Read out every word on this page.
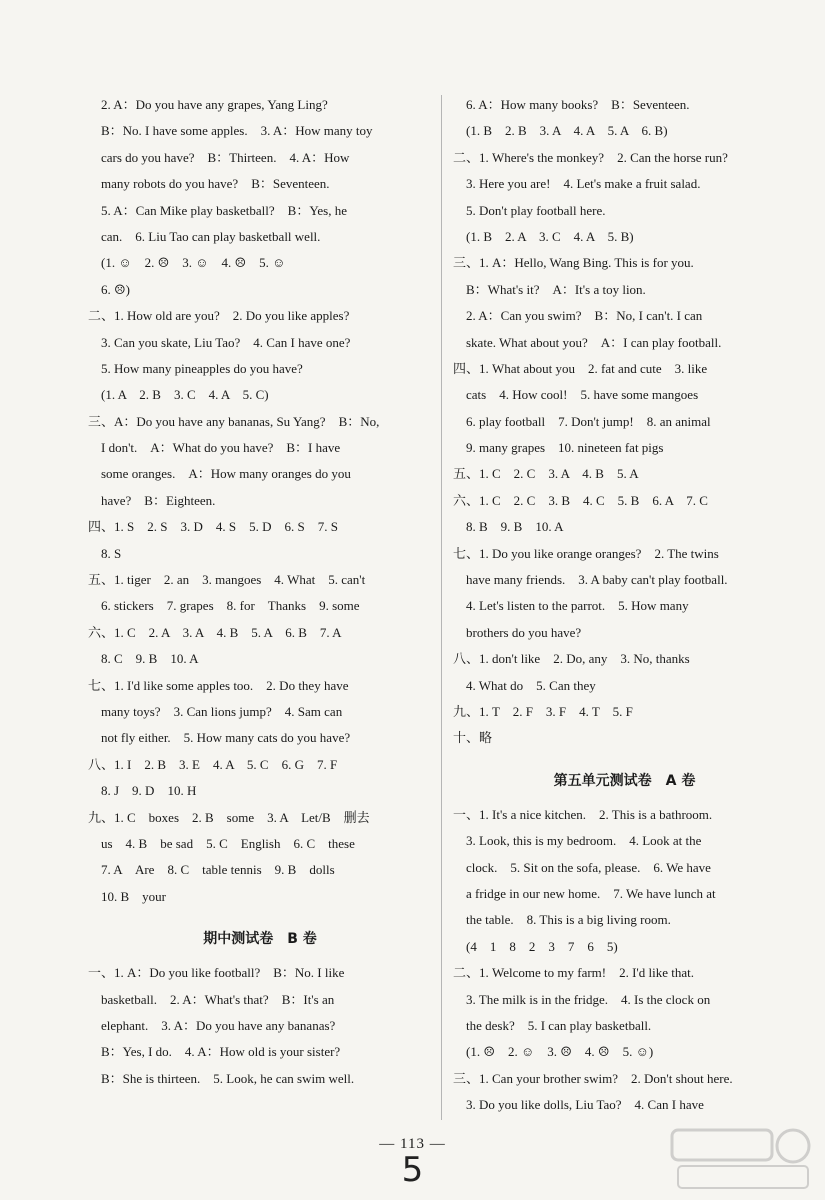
　2. A：Do you have any grapes, Yang Ling?
　B：No. I have some apples.　3. A：How many toy
　cars do you have?　B：Thirteen.　4. A：How
　many robots do you have?　B：Seventeen.
　5. A：Can Mike play basketball?　B：Yes, he
　can.　6. Liu Tao can play basketball well.
　(1. ☺　2. ☹　3. ☺　4. ☹　5. ☺
　6. ☹)
二、1. How old are you?　2. Do you like apples?
　3. Can you skate, Liu Tao?　4. Can I have one?
　5. How many pineapples do you have?
　(1. A　2. B　3. C　4. A　5. C)
三、A：Do you have any bananas, Su Yang?　B：No,
　I don't.　A：What do you have?　B：I have
　some oranges.　A：How many oranges do you
　have?　B：Eighteen.
四、1. S　2. S　3. D　4. S　5. D　6. S　7. S
　8. S
五、1. tiger　2. an　3. mangoes　4. What　5. can't
　6. stickers　7. grapes　8. for　Thanks　9. some
六、1. C　2. A　3. A　4. B　5. A　6. B　7. A
　8. C　9. B　10. A
七、1. I'd like some apples too.　2. Do they have
　many toys?　3. Can lions jump?　4. Sam can
　not fly either.　5. How many cats do you have?
八、1. I　2. B　3. E　4. A　5. C　6. G　7. F
　8. J　9. D　10. H
九、1. C　boxes　2. B　some　3. A　Let/B　删去
　us　4. B　be sad　5. C　English　6. C　these
　7. A　Are　8. C　table tennis　9. B　dolls
　10. B　your
期中测试卷　B 卷
一、1. A：Do you like football?　B：No. I like
　basketball.　2. A：What's that?　B：It's an
　elephant.　3. A：Do you have any bananas?
　B：Yes, I do.　4. A：How old is your sister?
　B：She is thirteen.　5. Look, he can swim well.
　6. A：How many books?　B：Seventeen.
　(1. B　2. B　3. A　4. A　5. A　6. B)
二、1. Where's the monkey?　2. Can the horse run?
　3. Here you are!　4. Let's make a fruit salad.
　5. Don't play football here.
　(1. B　2. A　3. C　4. A　5. B)
三、1. A：Hello, Wang Bing. This is for you.
　B：What's it?　A：It's a toy lion.
　2. A：Can you swim?　B：No, I can't. I can
　skate. What about you?　A：I can play football.
四、1. What about you　2. fat and cute　3. like
　cats　4. How cool!　5. have some mangoes
　6. play football　7. Don't jump!　8. an animal
　9. many grapes　10. nineteen fat pigs
五、1. C　2. C　3. A　4. B　5. A
六、1. C　2. C　3. B　4. C　5. B　6. A　7. C
　8. B　9. B　10. A
七、1. Do you like orange oranges?　2. The twins
　have many friends.　3. A baby can't play football.
　4. Let's listen to the parrot.　5. How many
　brothers do you have?
八、1. don't like　2. Do, any　3. No, thanks
　4. What do　5. Can they
九、1. T　2. F　3. F　4. T　5. F
十、略
第五单元测试卷　A 卷
一、1. It's a nice kitchen.　2. This is a bathroom.
　3. Look, this is my bedroom.　4. Look at the
　clock.　5. Sit on the sofa, please.　6. We have
　a fridge in our new home.　7. We have lunch at
　the table.　8. This is a big living room.
　(4　1　8　2　3　7　6　5)
二、1. Welcome to my farm!　2. I'd like that.
　3. The milk is in the fridge.　4. Is the clock on
　the desk?　5. I can play basketball.
　(1. ☹　2. ☺　3. ☹　4. ☹　5. ☺)
三、1. Can your brother swim?　2. Don't shout here.
　3. Do you like dolls, Liu Tao?　4. Can I have
— 113 —
5
